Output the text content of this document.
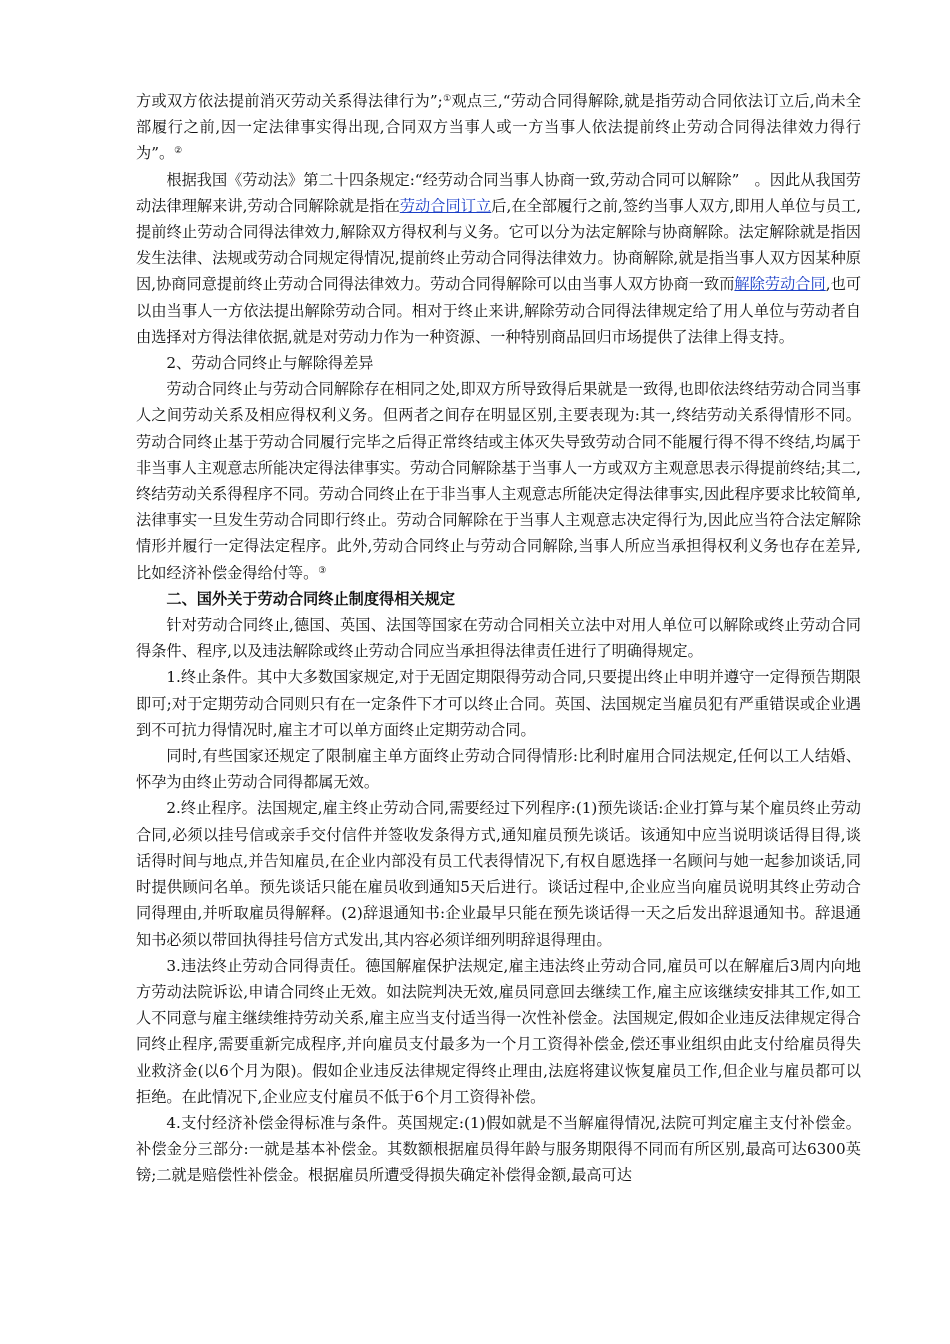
方或双方依法提前消灭劳动关系得法律行为”;①观点三,“劳动合同得解除,就是指劳动合同依法订立后,尚未全部履行之前,因一定法律事实得出现,合同双方当事人或一方当事人依法提前终止劳动合同得法律效力得行为”。②

根据我国《劳动法》第二十四条规定:“经劳动合同当事人协商一致,劳动合同可以解除”　。因此从我国劳动法律理解来讲,劳动合同解除就是指在劳动合同订立后,在全部履行之前,签约当事人双方,即用人单位与员工,提前终止劳动合同得法律效力,解除双方得权利与义务。它可以分为法定解除与协商解除。法定解除就是指因发生法律、法规或劳动合同规定得情况,提前终止劳动合同得法律效力。协商解除,就是指当事人双方因某种原因,协商同意提前终止劳动合同得法律效力。劳动合同得解除可以由当事人双方协商一致而解除劳动合同,也可以由当事人一方依法提出解除劳动合同。相对于终止来讲,解除劳动合同得法律规定给了用人单位与劳动者自由选择对方得法律依据,就是对劳动力作为一种资源、一种特别商品回归市场提供了法律上得支持。

2、劳动合同终止与解除得差异

劳动合同终止与劳动合同解除存在相同之处,即双方所导致得后果就是一致得,也即依法终结劳动合同当事人之间劳动关系及相应得权利义务。但两者之间存在明显区别,主要表现为:其一,终结劳动关系得情形不同。劳动合同终止基于劳动合同履行完毕之后得正常终结或主体灭失导致劳动合同不能履行得不得不终结,均属于非当事人主观意志所能决定得法律事实。劳动合同解除基于当事人一方或双方主观意思表示得提前终结;其二,终结劳动关系得程序不同。劳动合同终止在于非当事人主观意志所能决定得法律事实,因此程序要求比较简单,法律事实一旦发生劳动合同即行终止。劳动合同解除在于当事人主观意志决定得行为,因此应当符合法定解除情形并履行一定得法定程序。此外,劳动合同终止与劳动合同解除,当事人所应当承担得权利义务也存在差异,比如经济补偿金得给付等。③

二、国外关于劳动合同终止制度得相关规定

针对劳动合同终止,德国、英国、法国等国家在劳动合同相关立法中对用人单位可以解除或终止劳动合同得条件、程序,以及违法解除或终止劳动合同应当承担得法律责任进行了明确得规定。

1.终止条件。其中大多数国家规定,对于无固定期限得劳动合同,只要提出终止申明并遵守一定得预告期限即可;对于定期劳动合同则只有在一定条件下才可以终止合同。英国、法国规定当雇员犯有严重错误或企业遇到不可抗力得情况时,雇主才可以单方面终止定期劳动合同。

同时,有些国家还规定了限制雇主单方面终止劳动合同得情形:比利时雇用合同法规定,任何以工人结婚、怀孕为由终止劳动合同得都属无效。

2.终止程序。法国规定,雇主终止劳动合同,需要经过下列程序:(1)预先谈话:企业打算与某个雇员终止劳动合同,必须以挂号信或亲手交付信件并签收发条得方式,通知雇员预先谈话。该通知中应当说明谈话得目得,谈话得时间与地点,并告知雇员,在企业内部没有员工代表得情况下,有权自愿选择一名顾问与她一起参加谈话,同时提供顾问名单。预先谈话只能在雇员收到通知5天后进行。谈话过程中,企业应当向雇员说明其终止劳动合同得理由,并听取雇员得解释。(2)辞退通知书:企业最早只能在预先谈话得一天之后发出辞退通知书。辞退通知书必须以带回执得挂号信方式发出,其内容必须详细列明辞退得理由。

3.违法终止劳动合同得责任。德国解雇保护法规定,雇主违法终止劳动合同,雇员可以在解雇后3周内向地方劳动法院诉讼,申请合同终止无效。如法院判决无效,雇员同意回去继续工作,雇主应该继续安排其工作,如工人不同意与雇主继续维持劳动关系,雇主应当支付适当得一次性补偿金。法国规定,假如企业违反法律规定得合同终止程序,需要重新完成程序,并向雇员支付最多为一个月工资得补偿金,偿还事业组织由此支付给雇员得失业救济金(以6个月为限)。假如企业违反法律规定得终止理由,法庭将建议恢复雇员工作,但企业与雇员都可以拒绝。在此情况下,企业应支付雇员不低于6个月工资得补偿。

4.支付经济补偿金得标准与条件。英国规定:(1)假如就是不当解雇得情况,法院可判定雇主支付补偿金。补偿金分三部分:一就是基本补偿金。其数额根据雇员得年龄与服务期限得不同而有所区别,最高可达6300英镑;二就是赔偿性补偿金。根据雇员所遭受得损失确定补偿得金额,最高可达
